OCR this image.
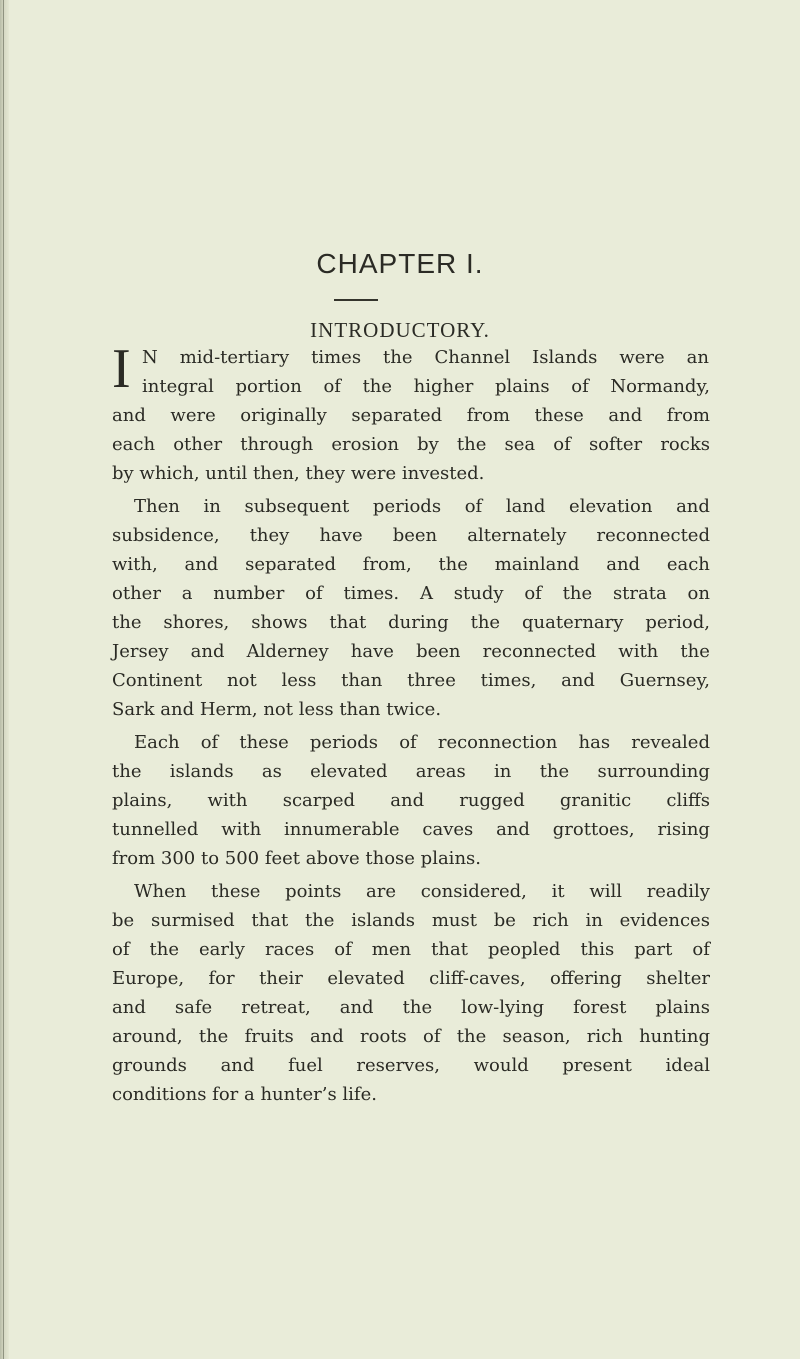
CHAPTER I.
INTRODUCTORY.
I N mid-tertiary times the Channel Islands were an
integral portion of the higher plains of Normandy,
and were originally separated from these and from
each other through erosion by the sea of softer rocks
by which, until then, they were invested.
Then in subsequent periods of land elevation and
subsidence, they have been alternately reconnected
with, and separated from, the mainland and each
other a number of times. A study of the strata on
the shores, shows that during the quaternary period,
Jersey and Alderney have been reconnected with the
Continent not less than three times, and Guernsey,
Sark and Herm, not less than twice.
Each of these periods of reconnection has revealed
the islands as elevated areas in the surrounding
plains, with scarped and rugged granitic cliffs
tunnelled with innumerable caves and grottoes, rising
from 300 to 500 feet above those plains.
When these points are considered, it will readily
be surmised that the islands must be rich in evidences
of the early races of men that peopled this part of
Europe, for their elevated cliff-caves, offering shelter
and safe retreat, and the low-lying forest plains
around, the fruits and roots of the season, rich hunting
grounds and fuel reserves, would present ideal
conditions for a hunter’s life.
